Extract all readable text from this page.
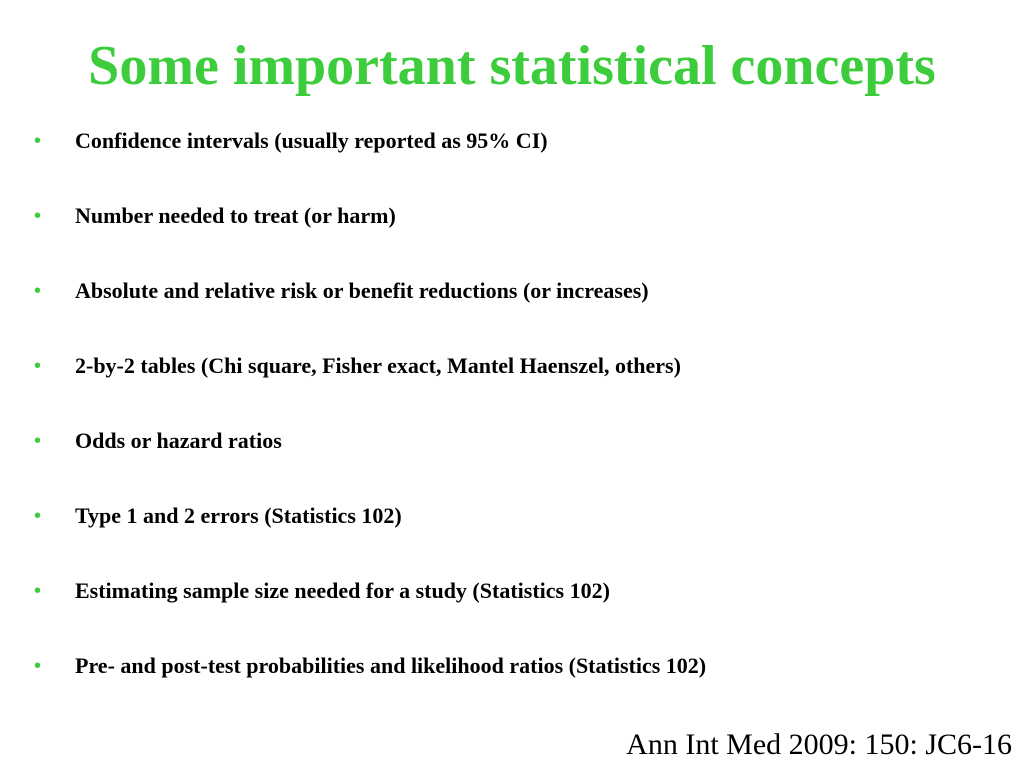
Some important statistical concepts
• Confidence intervals (usually reported as 95% CI)
• Number needed to treat (or harm)
• Absolute and relative risk or benefit reductions (or increases)
• 2-by-2 tables (Chi square, Fisher exact, Mantel Haenszel, others)
• Odds or hazard ratios
• Type 1 and 2 errors (Statistics 102)
• Estimating sample size needed for a study (Statistics 102)
• Pre- and post-test probabilities and likelihood ratios (Statistics 102)
Ann Int Med 2009: 150: JC6-16
